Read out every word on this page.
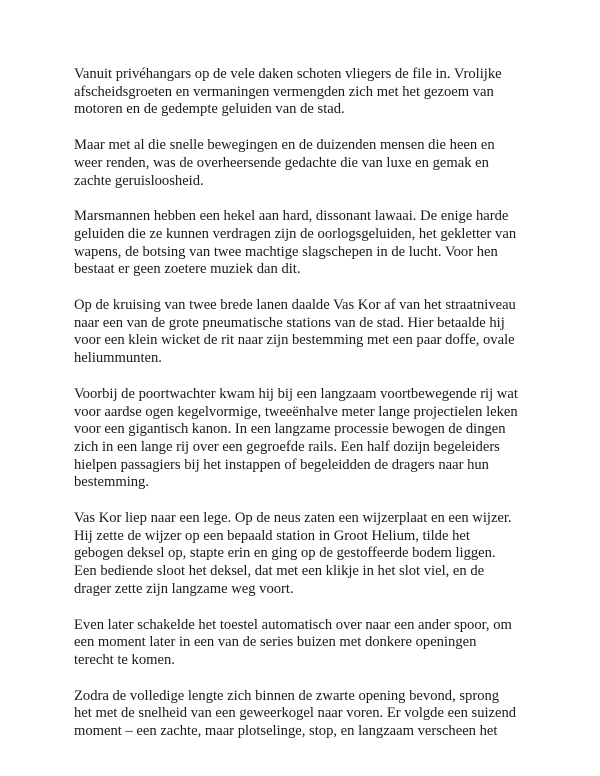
Vanuit privéhangars op de vele daken schoten vliegers de file in. Vrolijke
afscheidsgroeten en vermaningen vermengden zich met het gezoem van
motoren en de gedempte geluiden van de stad.

Maar met al die snelle bewegingen en de duizenden mensen die heen en
weer renden, was de overheersende gedachte die van luxe en gemak en
zachte geruisloosheid.

Marsmannen hebben een hekel aan hard, dissonant lawaai. De enige harde
geluiden die ze kunnen verdragen zijn de oorlogsgeluiden, het gekletter van
wapens, de botsing van twee machtige slagschepen in de lucht. Voor hen
bestaat er geen zoetere muziek dan dit.

Op de kruising van twee brede lanen daalde Vas Kor af van het straatniveau
naar een van de grote pneumatische stations van de stad. Hier betaalde hij
voor een klein wicket de rit naar zijn bestemming met een paar doffe, ovale
heliummunten.

Voorbij de poortwachter kwam hij bij een langzaam voortbewegende rij wat
voor aardse ogen kegelvormige, tweeënhalve meter lange projectielen leken
voor een gigantisch kanon. In een langzame processie bewogen de dingen
zich in een lange rij over een gegroefde rails. Een half dozijn begeleiders
hielpen passagiers bij het instappen of begeleidden de dragers naar hun
bestemming.

Vas Kor liep naar een lege. Op de neus zaten een wijzerplaat en een wijzer.
Hij zette de wijzer op een bepaald station in Groot Helium, tilde het
gebogen deksel op, stapte erin en ging op de gestoffeerde bodem liggen.
Een bediende sloot het deksel, dat met een klikje in het slot viel, en de
drager zette zijn langzame weg voort.

Even later schakelde het toestel automatisch over naar een ander spoor, om
een moment later in een van de series buizen met donkere openingen
terecht te komen.

Zodra de volledige lengte zich binnen de zwarte opening bevond, sprong
het met de snelheid van een geweerkogel naar voren. Er volgde een suizend
moment – een zachte, maar plotselinge, stop, en langzaam verscheen het
